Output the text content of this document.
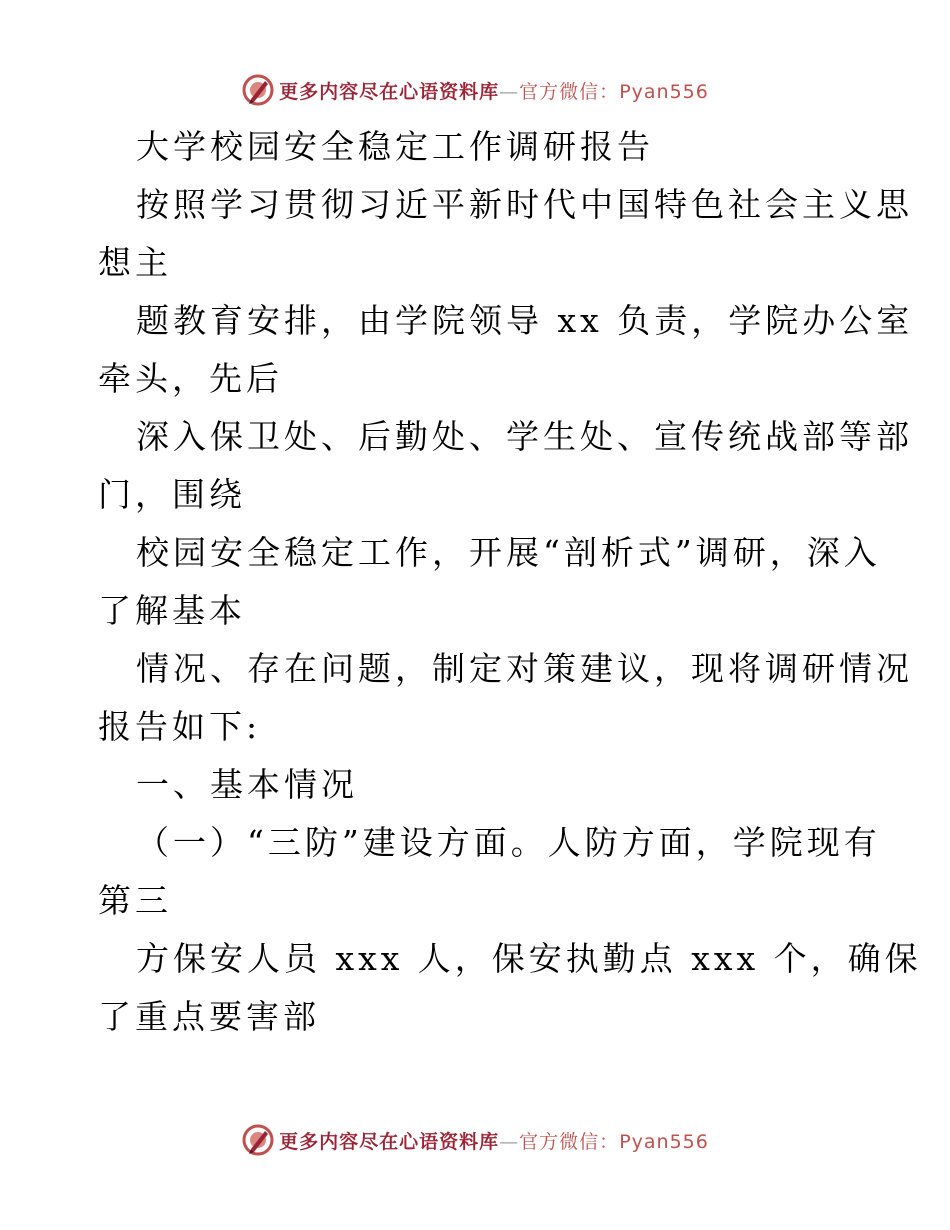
更多内容尽在心语资料库—官方微信：Pyan556
大学校园安全稳定工作调研报告
按照学习贯彻习近平新时代中国特色社会主义思
想主
题教育安排，由学院领导 xx 负责，学院办公室
牵头，先后
深入保卫处、后勤处、学生处、宣传统战部等部
门，围绕
校园安全稳定工作，开展“剖析式”调研，深入
了解基本
情况、存在问题，制定对策建议，现将调研情况
报告如下:
一、基本情况
（一）“三防”建设方面。人防方面，学院现有
第三
方保安人员 xxx 人，保安执勤点 xxx 个，确保
了重点要害部
更多内容尽在心语资料库—官方微信：Pyan556
